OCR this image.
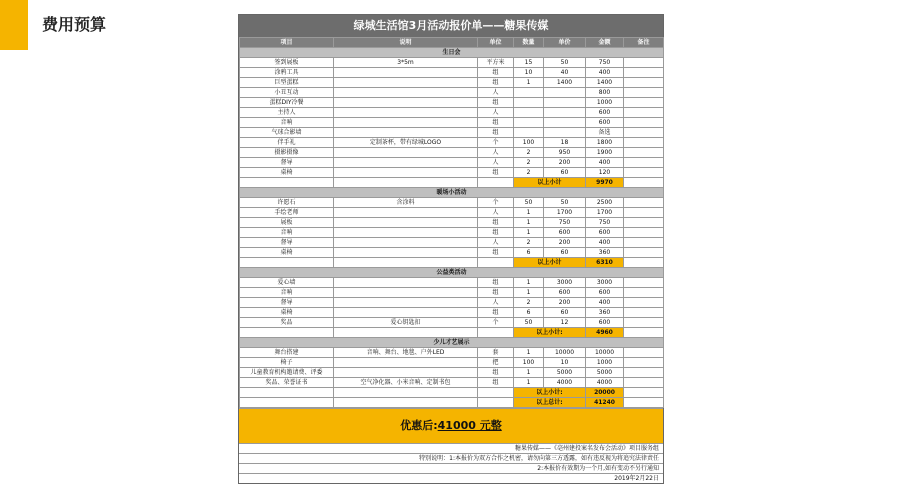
费用预算	绿城生活馆3月活动报价单——糖果传媒
项目	说明	单位	数量	单价	金额	备注
生日会						
签到展板	3*5m	平方米	15	50	750	
涂鸦工具		组	10	40	400	
巨型蛋糕		组	1	1400	1400	
小丑互动		人			800	
蛋糕DIY冷餐		组			1000	
主持人		人			600	
音响		组			600	
气球合影墙		组			备选	
伴手礼	定制茶杯，带有绿城LOGO	个	100	18	1800	
摄影摄像		人	2	950	1900	
督导		人	2	200	400	
桌椅		组	2	60	120	
			以上小计		9970	
暖场小活动						
许愿石	含涂料	个	50	50	2500	
手绘老师		人	1	1700	1700	
展板		组	1	750	750	
音响		组	1	600	600	
督导		人	2	200	400	
桌椅		组	6	60	360	
			以上小计		6310	
公益类活动						
爱心墙		组	1	3000	3000	
音响		组	1	600	600	
督导		人	2	200	400	
桌椅		组	6	60	360	
奖品	爱心钥匙扣	个	50	12	600	
			以上小计:		4960	
少儿才艺展示						
舞台搭建	音响、舞台、地毯、户外LED	套	1	10000	10000	
椅子		把	100	10	1000	
儿童教育机构邀请费、评委		组	1	5000	5000	
奖品、荣誉证书	空气净化器、小米音响、定制书包	组	1	4000	4000	
			以上小计:		20000	
			以上总计:		41240	
优惠后:41000 元整
糖果传媒——《亳州建投案名发布会活动》项目服务组
特别说明：1:本报价为双方合作之机密，请勿向第三方透露，如有违反视为将追究法律责任
2:本报价有效期为一个月,如有变动不另行通知
2019年2月22日
